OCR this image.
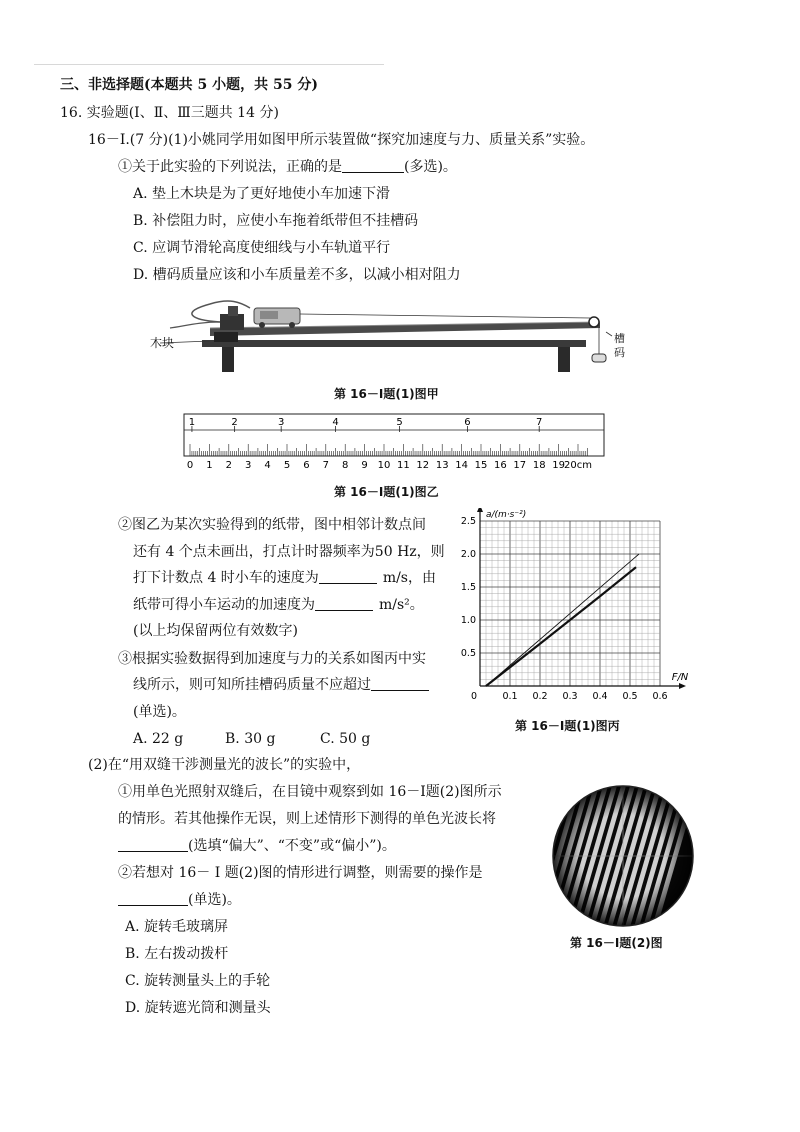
三、非选择题(本题共 5 小题，共 55 分)
16. 实验题(Ⅰ、Ⅱ、Ⅲ三题共 14 分)
16－Ⅰ.(7 分)(1)小姚同学用如图甲所示装置做“探究加速度与力、质量关系”实验。
①关于此实验的下列说法，正确的是	(多选)。
A. 垫上木块是为了更好地使小车加速下滑
B. 补偿阻力时，应使小车拖着纸带但不挂槽码
C. 应调节滑轮高度使细线与小车轨道平行
D. 槽码质量应该和小车质量差不多，以减小相对阻力
木块	槽
码
第 16－Ⅰ题(1)图甲
1	2	3	4	5	6	7
0 1 2 3 4 5 6 7 8 9 10 11 12 13 14 15 16 17 18 19 20cm
第 16－Ⅰ题(1)图乙
②图乙为某次实验得到的纸带，图中相邻计数点间
还有 4 个点未画出，打点计时器频率为50 Hz，则
打下计数点 4 时小车的速度为	m/s，由
纸带可得小车运动的加速度为	m/s²。
(以上均保留两位有效数字)
③根据实验数据得到加速度与力的关系如图丙中实
线所示，则可知所挂槽码质量不应超过
(单选)。
A. 22 g	B. 30 g	C. 50 g
0.1 0.2 0.3 0.4 0.5 0.6
0.5
1.0
1.5
2.0
2.5
0
F/N
a/(m·s⁻²)
第 16－Ⅰ题(1)图丙
(2)在“用双缝干涉测量光的波长”的实验中，
①用单色光照射双缝后，在目镜中观察到如 16－Ⅰ题(2)图所示
的情形。若其他操作无误，则上述情形下测得的单色光波长将
(选填“偏大”、“不变”或“偏小”)。
②若想对 16－ Ⅰ 题(2)图的情形进行调整，则需要的操作是
(单选)。
A. 旋转毛玻璃屏
B. 左右拨动拨杆
C. 旋转测量头上的手轮
D. 旋转遮光筒和测量头
第 16－Ⅰ题(2)图
